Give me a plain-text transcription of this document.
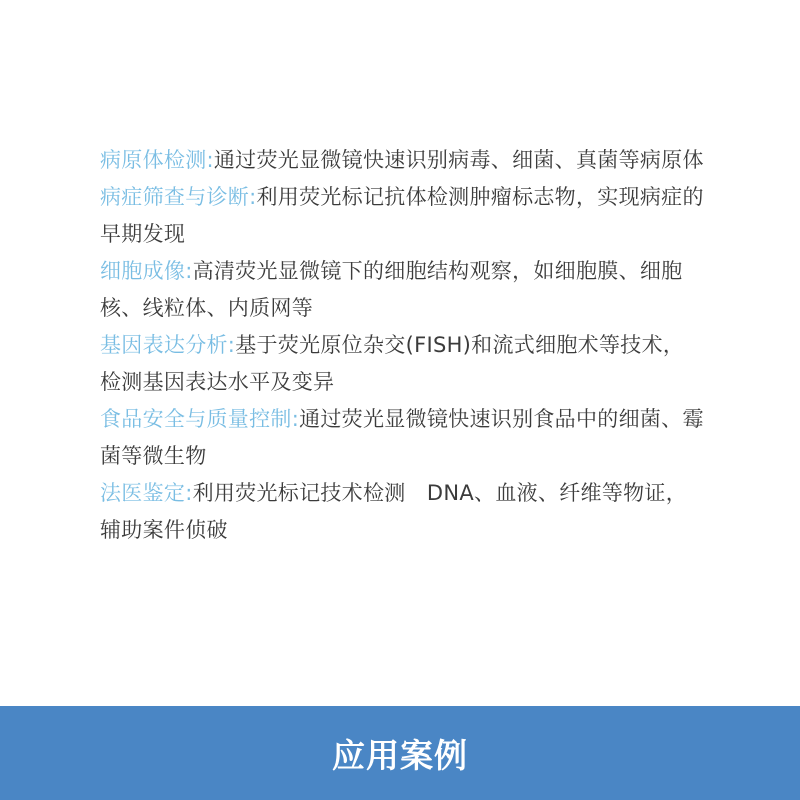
病原体检测:通过荧光显微镜快速识别病毒、细菌、真菌等病原体

病症筛查与诊断:利用荧光标记抗体检测肿瘤标志物，实现病症的早期发现

细胞成像:高清荧光显微镜下的细胞结构观察，如细胞膜、细胞核、线粒体、内质网等

基因表达分析:基于荧光原位杂交(FISH)和流式细胞术等技术，检测基因表达水平及变异

食品安全与质量控制:通过荧光显微镜快速识别食品中的细菌、霉菌等微生物

法医鉴定:利用荧光标记技术检测　DNA、血液、纤维等物证，辅助案件侦破

应用案例
